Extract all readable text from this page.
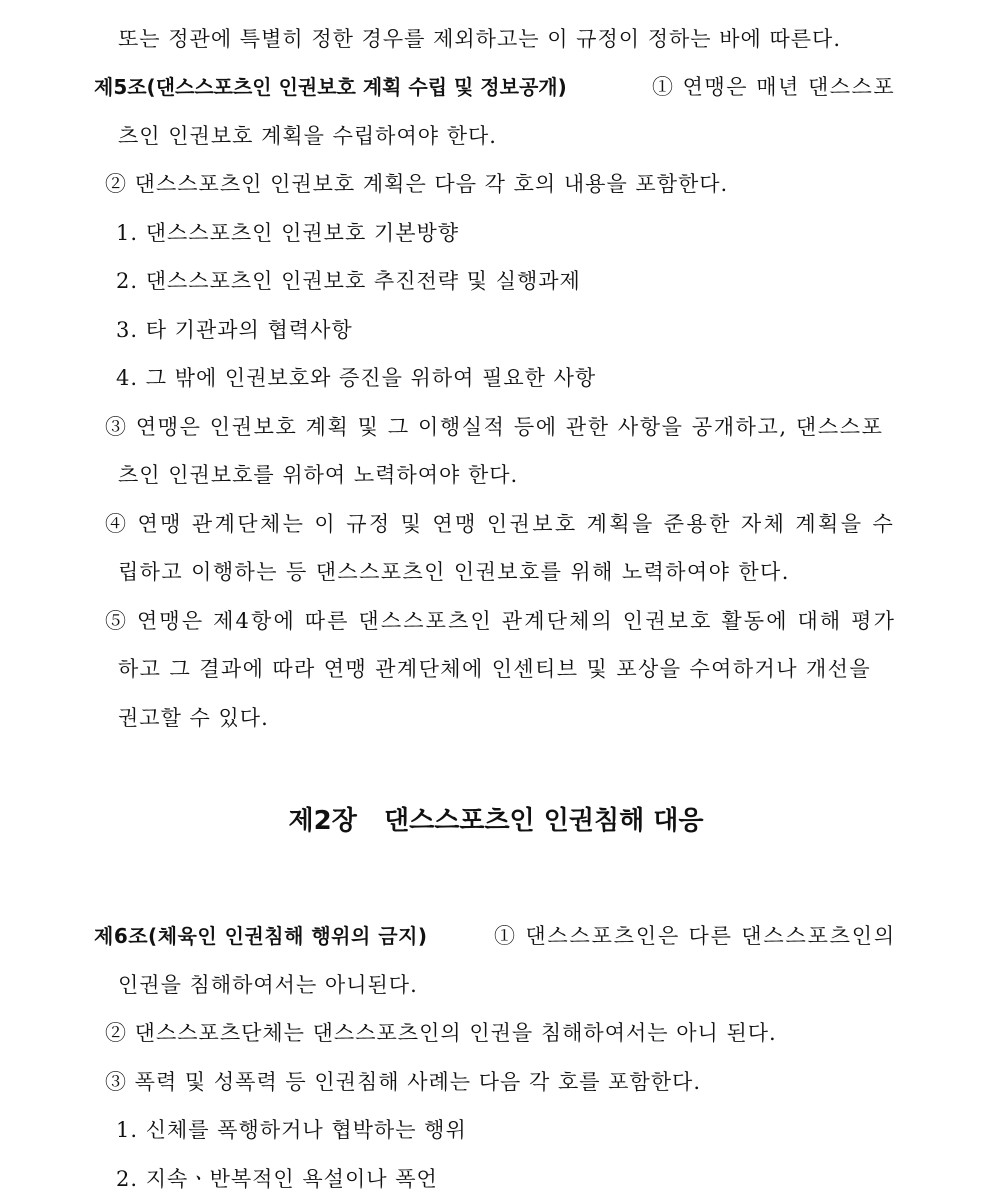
또는 정관에 특별히 정한 경우를 제외하고는 이 규정이 정하는 바에 따른다.
제5조(댄스스포츠인 인권보호 계획 수립 및 정보공개)	① 연맹은 매년 댄스스포
츠인 인권보호 계획을 수립하여야 한다.
② 댄스스포츠인 인권보호 계획은 다음 각 호의 내용을 포함한다.
1. 댄스스포츠인 인권보호 기본방향
2. 댄스스포츠인 인권보호 추진전략 및 실행과제
3. 타 기관과의 협력사항
4. 그 밖에 인권보호와 증진을 위하여 필요한 사항
③ 연맹은 인권보호 계획 및 그 이행실적 등에 관한 사항을 공개하고, 댄스스포
츠인 인권보호를 위하여 노력하여야 한다.
④ 연맹 관계단체는 이 규정 및 연맹 인권보호 계획을 준용한 자체 계획을 수
립하고 이행하는 등 댄스스포츠인 인권보호를 위해 노력하여야 한다.
⑤ 연맹은 제4항에 따른 댄스스포츠인 관계단체의 인권보호 활동에 대해 평가
하고 그 결과에 따라 연맹 관계단체에 인센티브 및 포상을 수여하거나 개선을
권고할 수 있다.
제2장   댄스스포츠인 인권침해 대응
제6조(체육인 인권침해 행위의 금지)	① 댄스스포츠인은 다른 댄스스포츠인의
인권을 침해하여서는 아니된다.
② 댄스스포츠단체는 댄스스포츠인의 인권을 침해하여서는 아니 된다.
③ 폭력 및 성폭력 등 인권침해 사례는 다음 각 호를 포함한다.
1. 신체를 폭행하거나 협박하는 행위
2. 지속ㆍ반복적인 욕설이나 폭언
